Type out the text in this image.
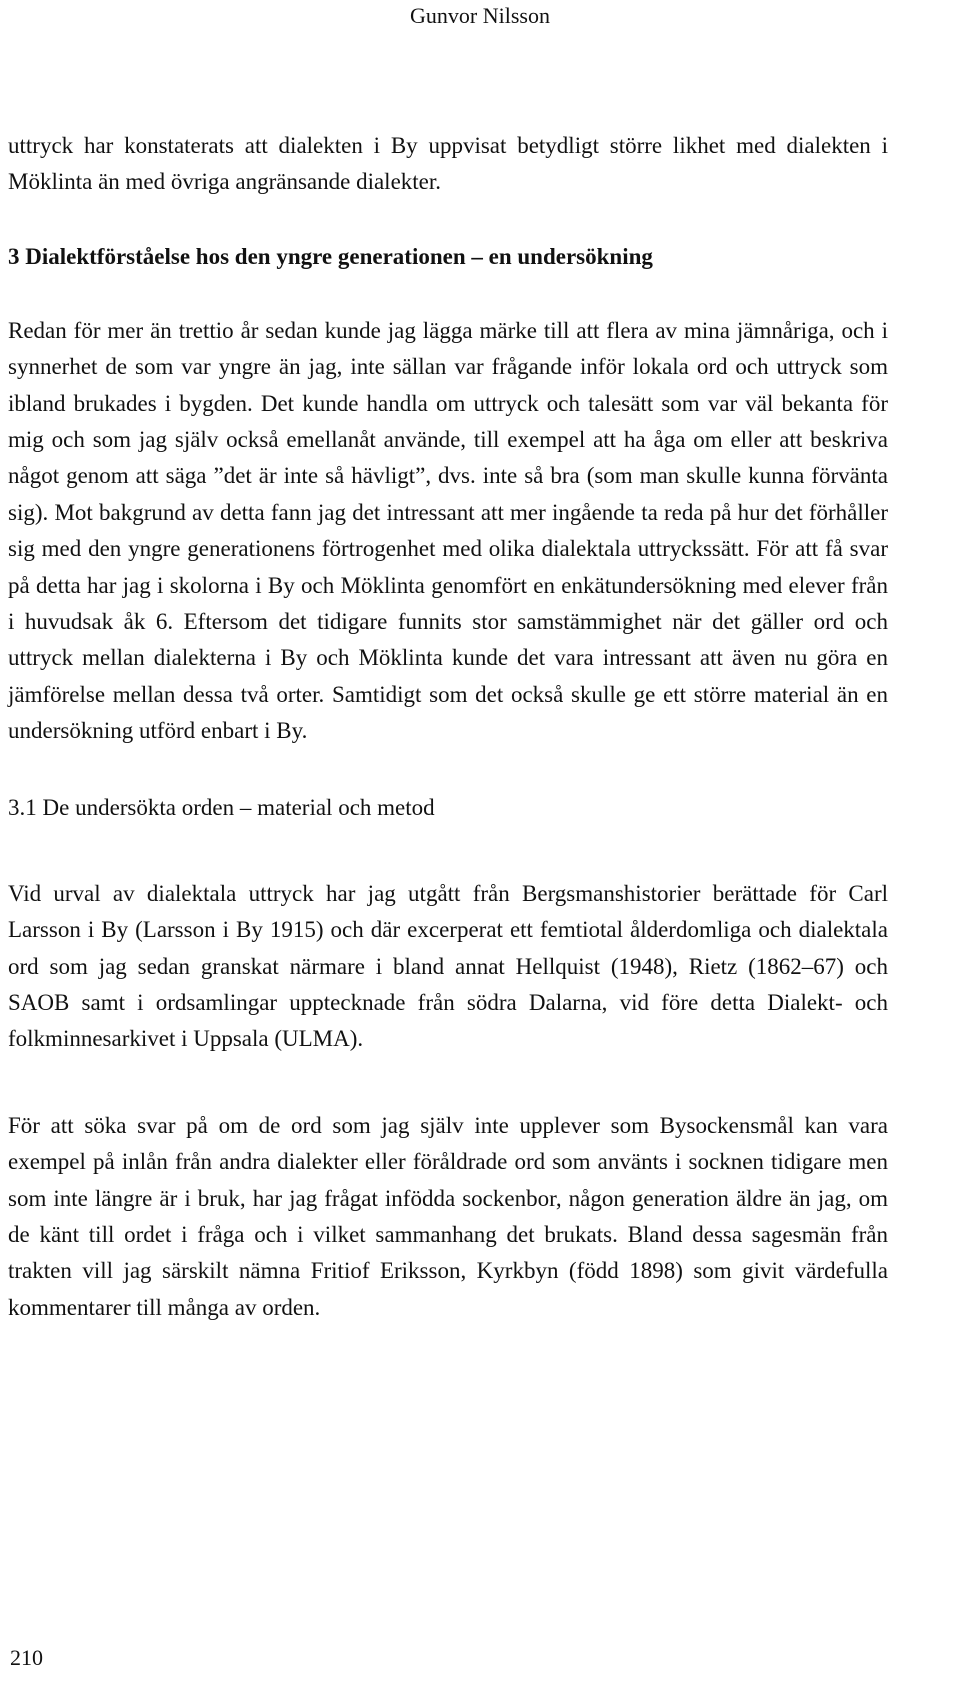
Gunvor Nilsson

uttryck har konstaterats att dialekten i By uppvisat betydligt större likhet med dialekten i Möklinta än med övriga angränsande dialekter.

3 Dialektförståelse hos den yngre generationen – en undersökning

Redan för mer än trettio år sedan kunde jag lägga märke till att flera av mina jämnåriga, och i synnerhet de som var yngre än jag, inte sällan var frågande inför lokala ord och uttryck som ibland brukades i bygden. Det kunde handla om uttryck och talesätt som var väl bekanta för mig och som jag själv också emellanåt använde, till exempel att ha åga om eller att beskriva något genom att säga ”det är inte så hävligt”, dvs. inte så bra (som man skulle kunna förvänta sig). Mot bakgrund av detta fann jag det intressant att mer ingående ta reda på hur det förhåller sig med den yngre generationens förtrogenhet med olika dialektala uttryckssätt. För att få svar på detta har jag i skolorna i By och Möklinta genomfört en enkätundersökning med elever från i huvudsak åk 6. Eftersom det tidigare funnits stor samstämmighet när det gäller ord och uttryck mellan dialekterna i By och Möklinta kunde det vara intressant att även nu göra en jämförelse mellan dessa två orter. Samtidigt som det också skulle ge ett större material än en undersökning utförd enbart i By.

3.1 De undersökta orden – material och metod

Vid urval av dialektala uttryck har jag utgått från Bergsmanshistorier berättade för Carl Larsson i By (Larsson i By 1915) och där excerperat ett femtiotal ålderdomliga och dialektala ord som jag sedan granskat närmare i bland annat Hellquist (1948), Rietz (1862–67) och SAOB samt i ordsamlingar upptecknade från södra Dalarna, vid före detta Dialekt- och folkminnesarkivet i Uppsala (ULMA).

För att söka svar på om de ord som jag själv inte upplever som Bysockensmål kan vara exempel på inlån från andra dialekter eller föråldrade ord som använts i socknen tidigare men som inte längre är i bruk, har jag frågat infödda sockenbor, någon generation äldre än jag, om de känt till ordet i fråga och i vilket sammanhang det brukats. Bland dessa sagesmän från trakten vill jag särskilt nämna Fritiof Eriksson, Kyrkbyn (född 1898) som givit värdefulla kommentarer till många av orden.

210
